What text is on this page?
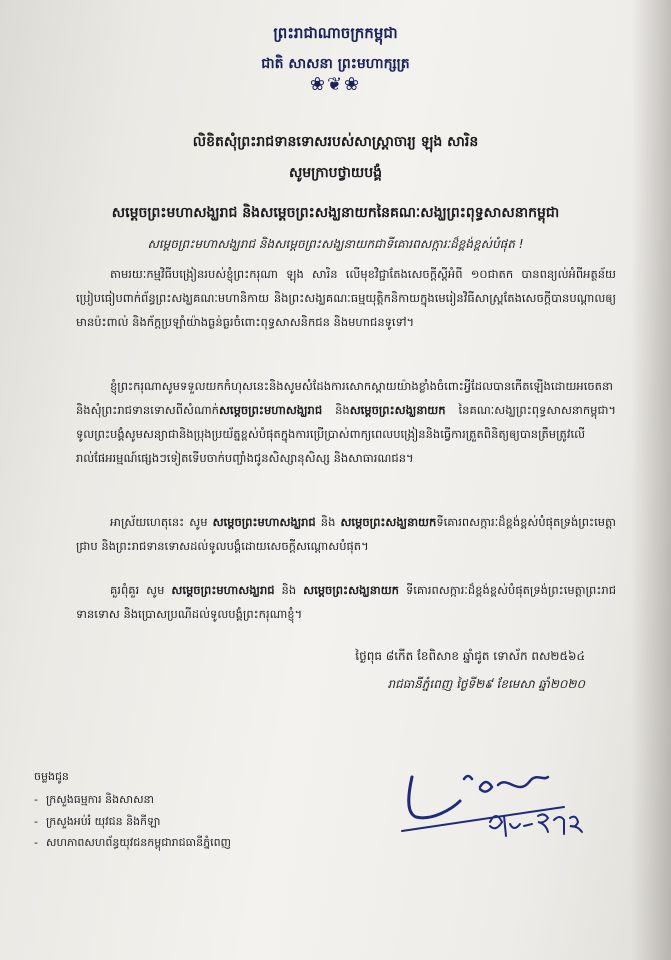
ព្រះរាជាណាចក្រកម្ពុជា
ជាតិ សាសនា ព្រះមហាក្សត្រ
❀❦❀
លិខិតសុំព្រះរាជទានទោសរបស់សាស្ត្រាចារ្យ ឡុង សារិន
សូមក្រាបថ្វាយបង្គំ
សម្តេចព្រះមហាសង្ឃរាជ និងសម្តេចព្រះសង្ឃនាយកនៃគណៈសង្ឃព្រះពុទ្ធសាសនាកម្ពុជា
សម្តេចព្រះមហាសង្ឃរាជ និងសម្តេចព្រះសង្ឃនាយកជាទីគោរពសក្ការៈដ៏ខ្ពង់ខ្ពស់បំផុត !
តាមរយៈកម្មវិធីបង្រៀនរបស់ខ្ញុំព្រះករុណា ឡុង សារិន លើមុខវិជ្ជាតែងសេចក្តីស្តីអំពី ១០ជាតក បានពន្យល់អំពីអត្ថន័យប្រៀបធៀបពាក់ព័ន្ធព្រះសង្ឃគណៈមហានិកាយ និងព្រះសង្ឃគណៈធម្មយុត្តិកនិកាយក្នុងមេរៀនវិធីសាស្ត្រតែងសេចក្តីបានបណ្តាលឲ្យមានប៉ះពាល់ និងក័ក្តប្រឡាំយ៉ាងធ្ងន់ធ្ងរចំពោះពុទ្ធសាសនិកជន និងមហាជនទូទៅ។
ខ្ញុំព្រះករុណាសូមទទួលយកកំហុសនេះនិងសូមសំដែងការសោកស្តាយយ៉ាងខ្លាំងចំពោះអ្វីដែលបានកើតឡើងដោយអចេតនានិងសុំព្រះរាជទានទោសពីសំណាក់សម្តេចព្រះមហាសង្ឃរាជ និងសម្តេចព្រះសង្ឃនាយក នៃគណៈសង្ឃព្រះពុទ្ធសាសនាកម្ពុជា។ ទូលព្រះបង្គំសូមសន្យាជានិងប្រុងប្រយ័ត្នខ្ពស់បំផុតក្នុងការប្រើប្រាស់ពាក្យពេលបង្រៀននិងធ្វើការត្រួតពិនិត្យឲ្យបានត្រឹមត្រូវលើរាល់ផែអរម្មណ៍ផ្សេងៗទៀតទើបចាក់បញ្ចាំងជូនសិស្សានុសិស្ស និងសាធារណជន។
អាស្រ័យហេតុនេះ សូម សម្តេចព្រះមហាសង្ឃរាជ និង សម្តេចព្រះសង្ឃនាយកទីគោរពសក្ការៈដ៏ខ្ពង់ខ្ពស់បំផុតទ្រង់ព្រះមេត្តាជ្រាប និងព្រះរាជទានទោសដល់ទូលបង្គំដោយសេចក្តីសណ្តោសបំផុត។
គួរពុំគួរ សូម សម្តេចព្រះមហាសង្ឃរាជ និង សម្តេចព្រះសង្ឃនាយក ទីគោរពសក្ការៈដ៏ខ្ពង់ខ្ពស់បំផុតទ្រង់ព្រះមេត្តាព្រះរាជទានទោស និងប្រោសប្រណីដល់ទូលបង្គំព្រះករុណាខ្ញុំ។
ថ្ងៃពុធ ៨កើត ខែពិសាខ ឆ្នាំជូត ទោស័ក ពស២៥៦៤
រាជធានីភ្នំពេញ ថ្ងៃទី២៩ ខែមេសា ឆ្នាំ២០២០
ចម្លងជូន
- ក្រសួងធម្មការ និងសាសនា
- ក្រសួងអប់រំ យុវជន និងកីឡា
- សហភាពសហព័ន្ធយុវជនកម្ពុជារាជធានីភ្នំពេញ
